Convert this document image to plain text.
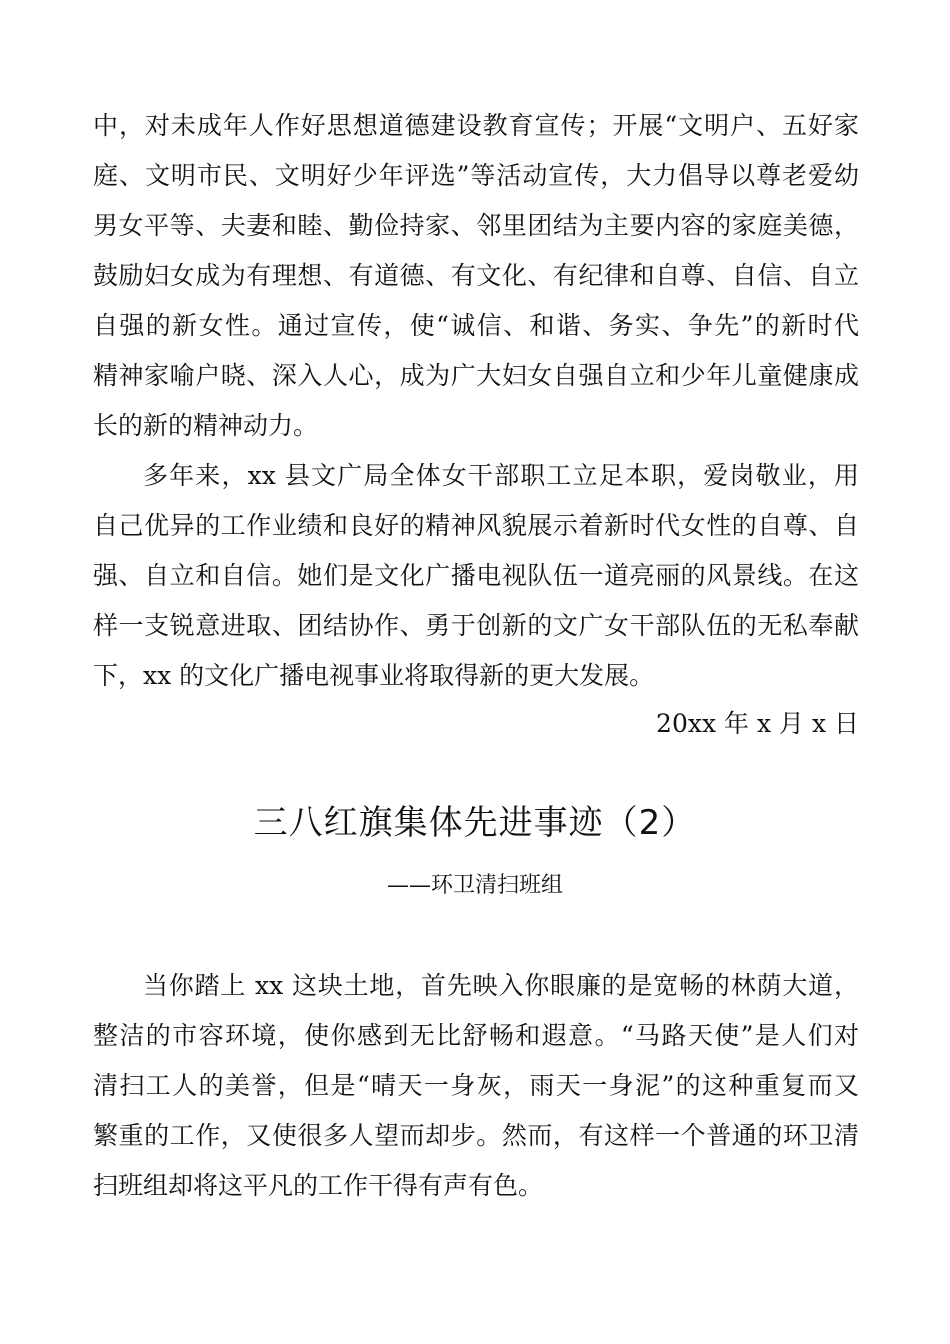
中，对未成年人作好思想道德建设教育宣传；开展“文明户、五好家
庭、文明市民、文明好少年评选”等活动宣传，大力倡导以尊老爱幼
男女平等、夫妻和睦、勤俭持家、邻里团结为主要内容的家庭美德，
鼓励妇女成为有理想、有道德、有文化、有纪律和自尊、自信、自立
自强的新女性。通过宣传，使“诚信、和谐、务实、争先”的新时代
精神家喻户晓、深入人心，成为广大妇女自强自立和少年儿童健康成
长的新的精神动力。
多年来，xx 县文广局全体女干部职工立足本职，爱岗敬业，用
自己优异的工作业绩和良好的精神风貌展示着新时代女性的自尊、自
强、自立和自信。她们是文化广播电视队伍一道亮丽的风景线。在这
样一支锐意进取、团结协作、勇于创新的文广女干部队伍的无私奉献
下，xx 的文化广播电视事业将取得新的更大发展。
20xx 年 x 月 x 日
三八红旗集体先进事迹（2）
——环卫清扫班组
当你踏上 xx 这块土地，首先映入你眼廉的是宽畅的林荫大道，
整洁的市容环境，使你感到无比舒畅和遐意。“马路天使”是人们对
清扫工人的美誉，但是“晴天一身灰，雨天一身泥”的这种重复而又
繁重的工作，又使很多人望而却步。然而，有这样一个普通的环卫清
扫班组却将这平凡的工作干得有声有色。
